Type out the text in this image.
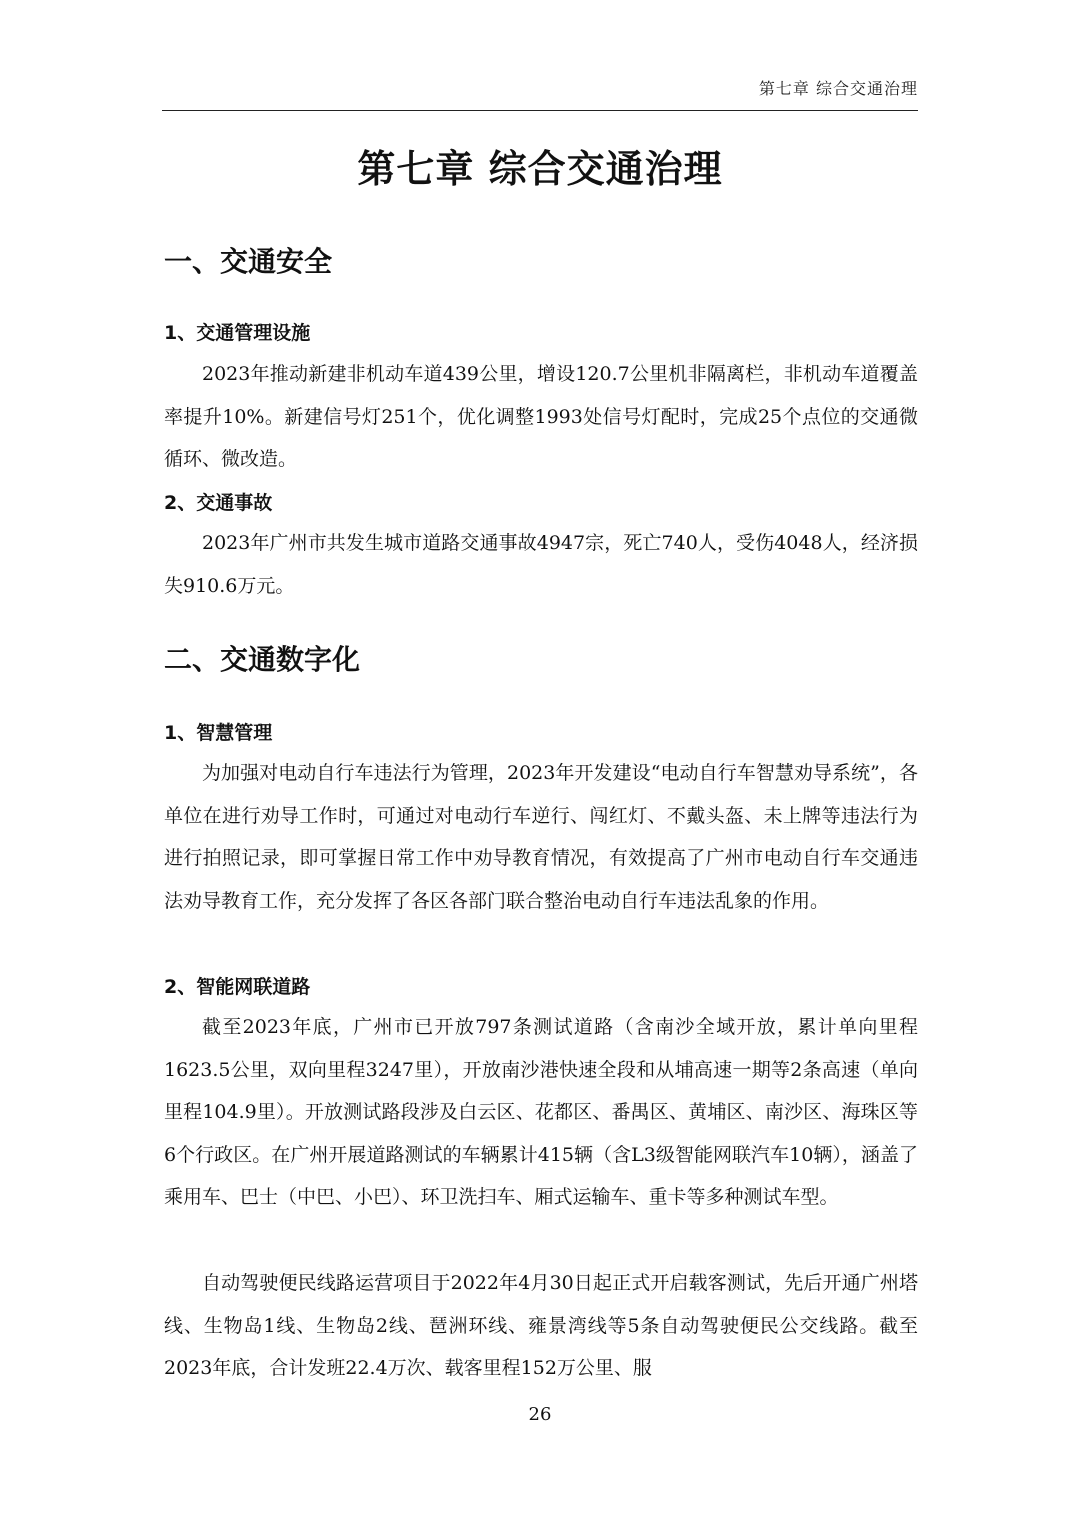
第七章 综合交通治理
第七章 综合交通治理
一、交通安全
1、交通管理设施

2023年推动新建非机动车道439公里，增设120.7公里机非隔离栏，非机动车道覆盖率提升10%。新建信号灯251个，优化调整1993处信号灯配时，完成25个点位的交通微循环、微改造。

2、交通事故

2023年广州市共发生城市道路交通事故4947宗，死亡740人，受伤4048人，经济损失910.6万元。

二、交通数字化
1、智慧管理

为加强对电动自行车违法行为管理，2023年开发建设“电动自行车智慧劝导系统”，各单位在进行劝导工作时，可通过对电动行车逆行、闯红灯、不戴头盔、未上牌等违法行为进行拍照记录，即可掌握日常工作中劝导教育情况，有效提高了广州市电动自行车交通违法劝导教育工作，充分发挥了各区各部门联合整治电动自行车违法乱象的作用。

2、智能网联道路

截至2023年底，广州市已开放797条测试道路（含南沙全域开放，累计单向里程1623.5公里，双向里程3247里），开放南沙港快速全段和从埔高速一期等2条高速（单向里程104.9里）。开放测试路段涉及白云区、花都区、番禺区、黄埔区、南沙区、海珠区等6个行政区。在广州开展道路测试的车辆累计415辆（含L3级智能网联汽车10辆），涵盖了乘用车、巴士（中巴、小巴）、环卫洗扫车、厢式运输车、重卡等多种测试车型。

自动驾驶便民线路运营项目于2022年4月30日起正式开启载客测试，先后开通广州塔线、生物岛1线、生物岛2线、琶洲环线、雍景湾线等5条自动驾驶便民公交线路。截至2023年底，合计发班22.4万次、载客里程152万公里、服

26
